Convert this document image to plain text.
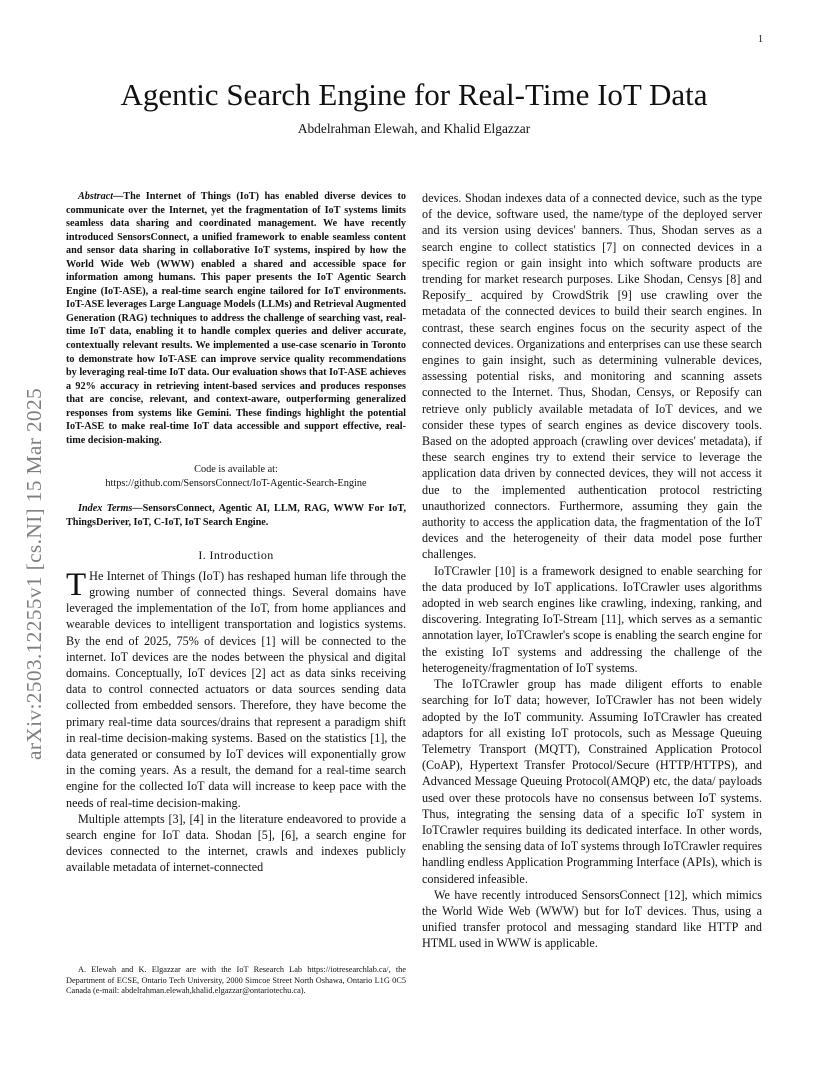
1
arXiv:2503.12255v1 [cs.NI] 15 Mar 2025
Agentic Search Engine for Real-Time IoT Data
Abdelrahman Elewah, and Khalid Elgazzar

Abstract—The Internet of Things (IoT) has enabled diverse devices to communicate over the Internet, yet the fragmentation of IoT systems limits seamless data sharing and coordinated management. We have recently introduced SensorsConnect, a unified framework to enable seamless content and sensor data sharing in collaborative IoT systems, inspired by how the World Wide Web (WWW) enabled a shared and accessible space for information among humans. This paper presents the IoT Agentic Search Engine (IoT-ASE), a real-time search engine tailored for IoT environments. IoT-ASE leverages Large Language Models (LLMs) and Retrieval Augmented Generation (RAG) techniques to address the challenge of searching vast, real-time IoT data, enabling it to handle complex queries and deliver accurate, contextually relevant results. We implemented a use-case scenario in Toronto to demonstrate how IoT-ASE can improve service quality recommendations by leveraging real-time IoT data. Our evaluation shows that IoT-ASE achieves a 92% accuracy in retrieving intent-based services and produces responses that are concise, relevant, and context-aware, outperforming generalized responses from systems like Gemini. These findings highlight the potential IoT-ASE to make real-time IoT data accessible and support effective, real-time decision-making.

Code is available at:
https://github.com/SensorsConnect/IoT-Agentic-Search-Engine

Index Terms—SensorsConnect, Agentic AI, LLM, RAG, WWW For IoT, ThingsDeriver, IoT, C-IoT, IoT Search Engine.

I. Introduction

T He Internet of Things (IoT) has reshaped human life through the growing number of connected things. Several domains have leveraged the implementation of the IoT, from home appliances and wearable devices to intelligent transportation and logistics systems. By the end of 2025, 75% of devices [1] will be connected to the internet. IoT devices are the nodes between the physical and digital domains. Conceptually, IoT devices [2] act as data sinks receiving data to control connected actuators or data sources sending data collected from embedded sensors. Therefore, they have become the primary real-time data sources/drains that represent a paradigm shift in real-time decision-making systems. Based on the statistics [1], the data generated or consumed by IoT devices will exponentially grow in the coming years. As a result, the demand for a real-time search engine for the collected IoT data will increase to keep pace with the needs of real-time decision-making.

Multiple attempts [3], [4] in the literature endeavored to provide a search engine for IoT data. Shodan [5], [6], a search engine for devices connected to the internet, crawls and indexes publicly available metadata of internet-connected

A. Elewah and K. Elgazzar are with the IoT Research Lab https://iotresearchlab.ca/, the Department of ECSE, Ontario Tech University, 2000 Simcoe Street North Oshawa, Ontario L1G 0C5 Canada (e-mail: abdelrahman.elewah,khalid.elgazzar@ontariotechu.ca).

devices. Shodan indexes data of a connected device, such as the type of the device, software used, the name/type of the deployed server and its version using devices' banners. Thus, Shodan serves as a search engine to collect statistics [7] on connected devices in a specific region or gain insight into which software products are trending for market research purposes. Like Shodan, Censys [8] and Reposify_ acquired by CrowdStrik [9] use crawling over the metadata of the connected devices to build their search engines. In contrast, these search engines focus on the security aspect of the connected devices. Organizations and enterprises can use these search engines to gain insight, such as determining vulnerable devices, assessing potential risks, and monitoring and scanning assets connected to the Internet. Thus, Shodan, Censys, or Reposify can retrieve only publicly available metadata of IoT devices, and we consider these types of search engines as device discovery tools. Based on the adopted approach (crawling over devices' metadata), if these search engines try to extend their service to leverage the application data driven by connected devices, they will not access it due to the implemented authentication protocol restricting unauthorized connectors. Furthermore, assuming they gain the authority to access the application data, the fragmentation of the IoT devices and the heterogeneity of their data model pose further challenges.

IoTCrawler [10] is a framework designed to enable searching for the data produced by IoT applications. IoTCrawler uses algorithms adopted in web search engines like crawling, indexing, ranking, and discovering. Integrating IoT-Stream [11], which serves as a semantic annotation layer, IoTCrawler's scope is enabling the search engine for the existing IoT systems and addressing the challenge of the heterogeneity/fragmentation of IoT systems.

The IoTCrawler group has made diligent efforts to enable searching for IoT data; however, IoTCrawler has not been widely adopted by the IoT community. Assuming IoTCrawler has created adaptors for all existing IoT protocols, such as Message Queuing Telemetry Transport (MQTT), Constrained Application Protocol (CoAP), Hypertext Transfer Protocol/Secure (HTTP/HTTPS), and Advanced Message Queuing Protocol(AMQP) etc, the data/ payloads used over these protocols have no consensus between IoT systems. Thus, integrating the sensing data of a specific IoT system in IoTCrawler requires building its dedicated interface. In other words, enabling the sensing data of IoT systems through IoTCrawler requires handling endless Application Programming Interface (APIs), which is considered infeasible.

We have recently introduced SensorsConnect [12], which mimics the World Wide Web (WWW) but for IoT devices. Thus, using a unified transfer protocol and messaging standard like HTTP and HTML used in WWW is applicable.
